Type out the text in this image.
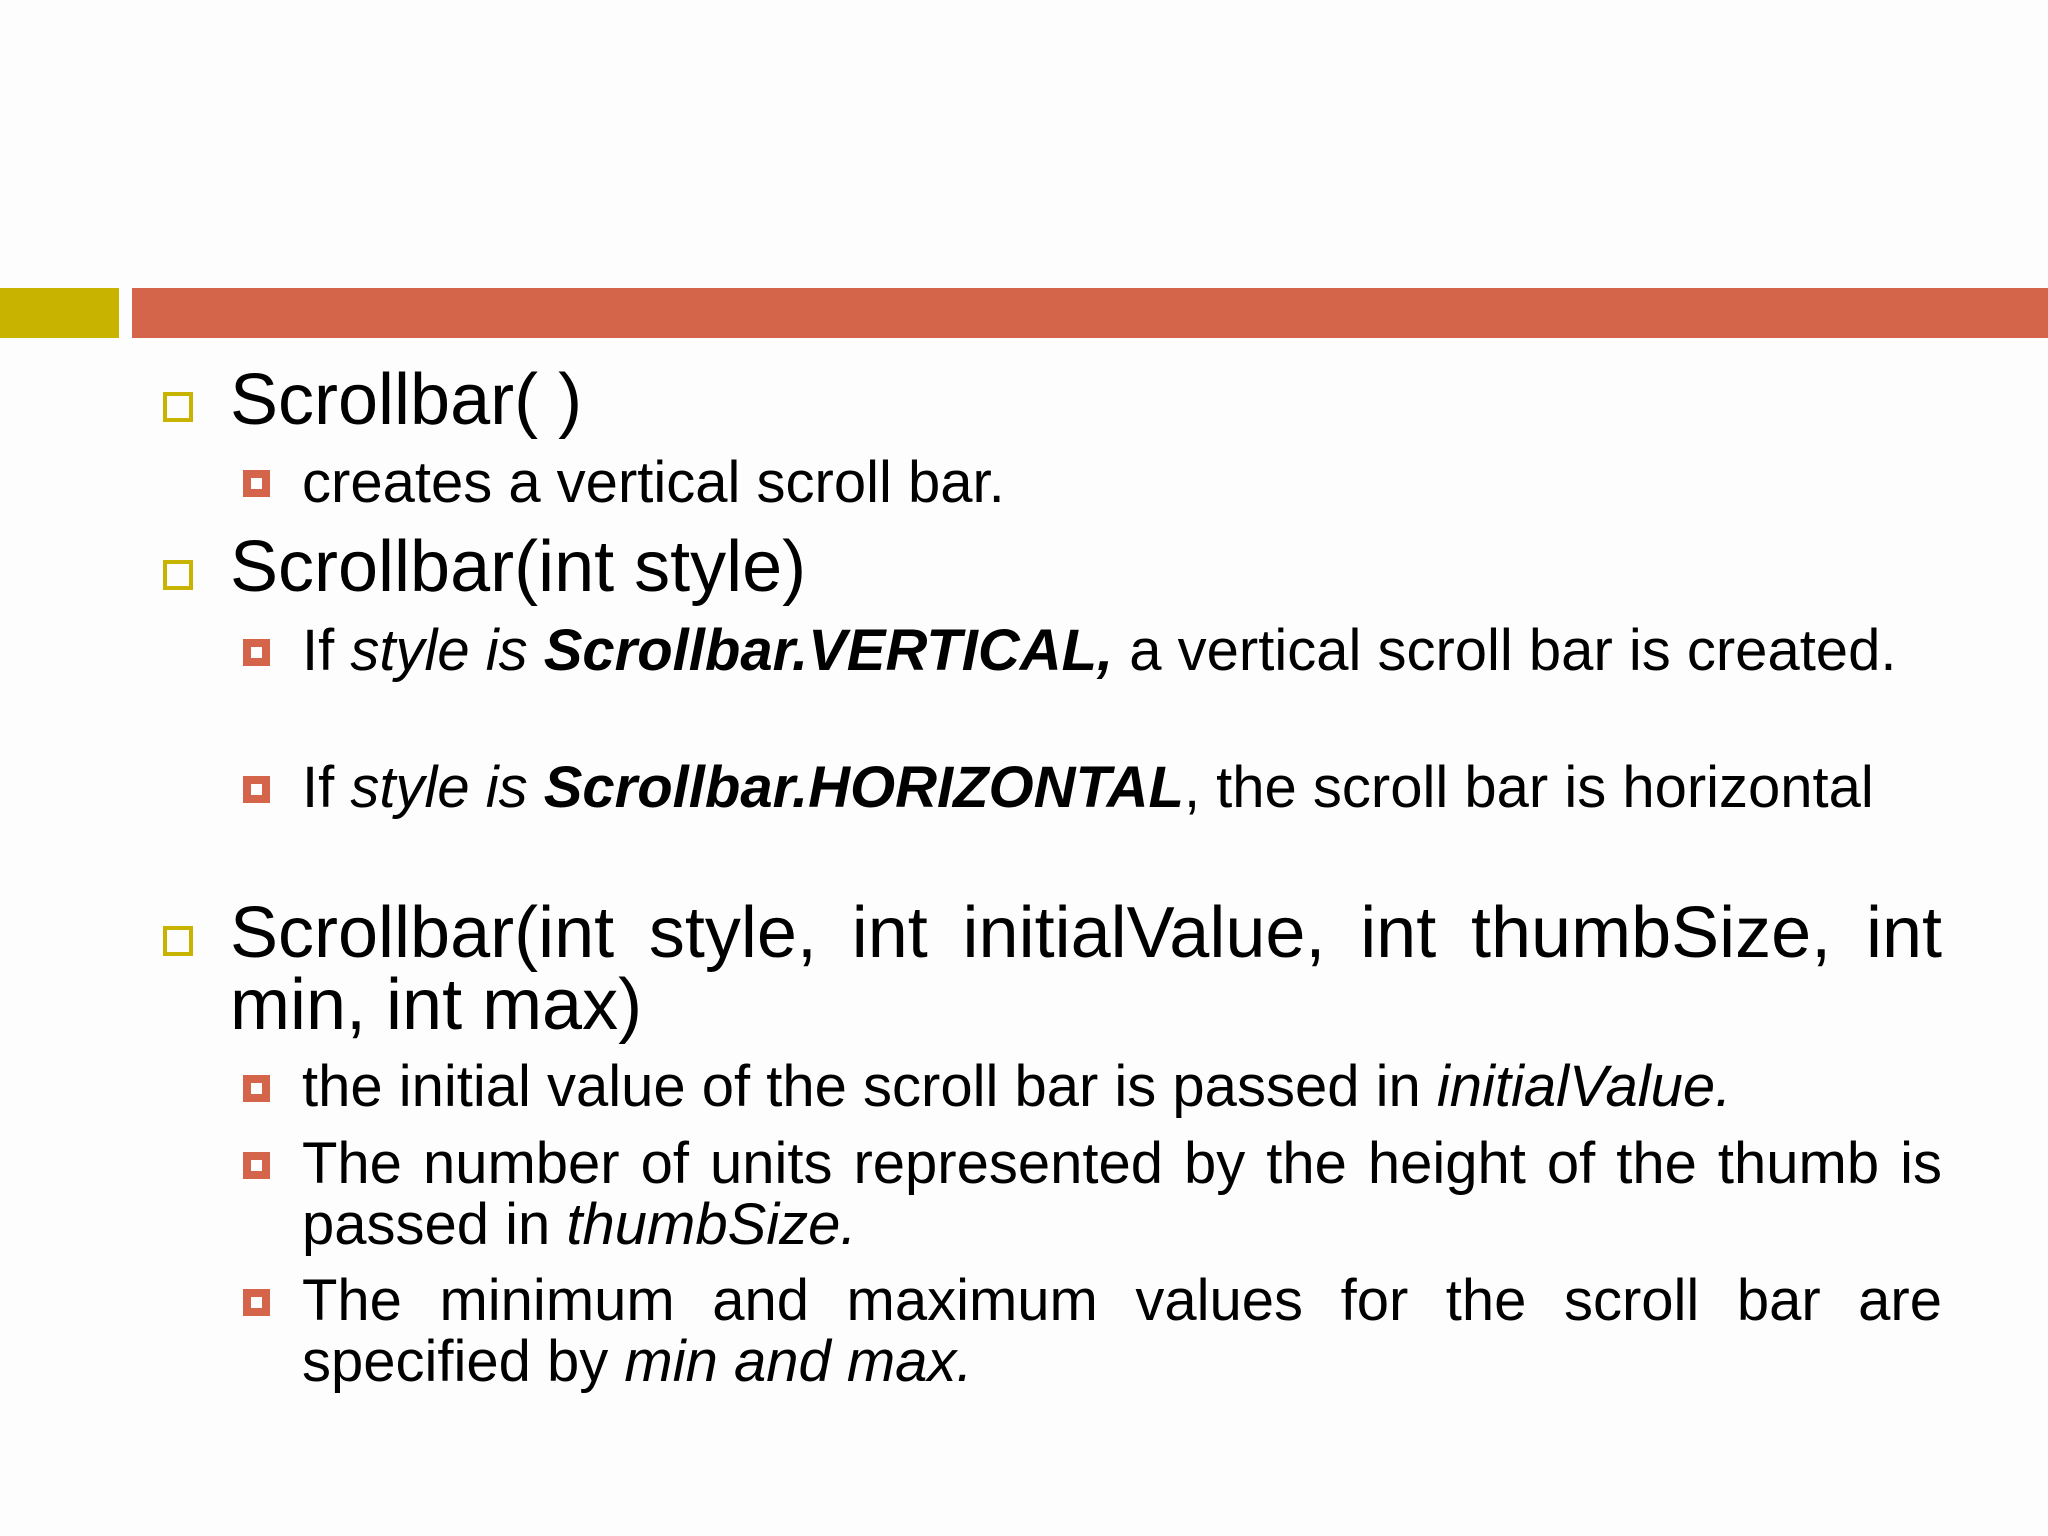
Scrollbar( )
creates a vertical scroll bar.
Scrollbar(int style)
If style is Scrollbar.VERTICAL, a vertical scroll bar is created.
If style is Scrollbar.HORIZONTAL, the scroll bar is horizontal
Scrollbar(int style, int initialValue, int thumbSize, int min, int max)
the initial value of the scroll bar is passed in initialValue.
The number of units represented by the height of the thumb is passed in thumbSize.
The minimum and maximum values for the scroll bar are specified by min and max.
